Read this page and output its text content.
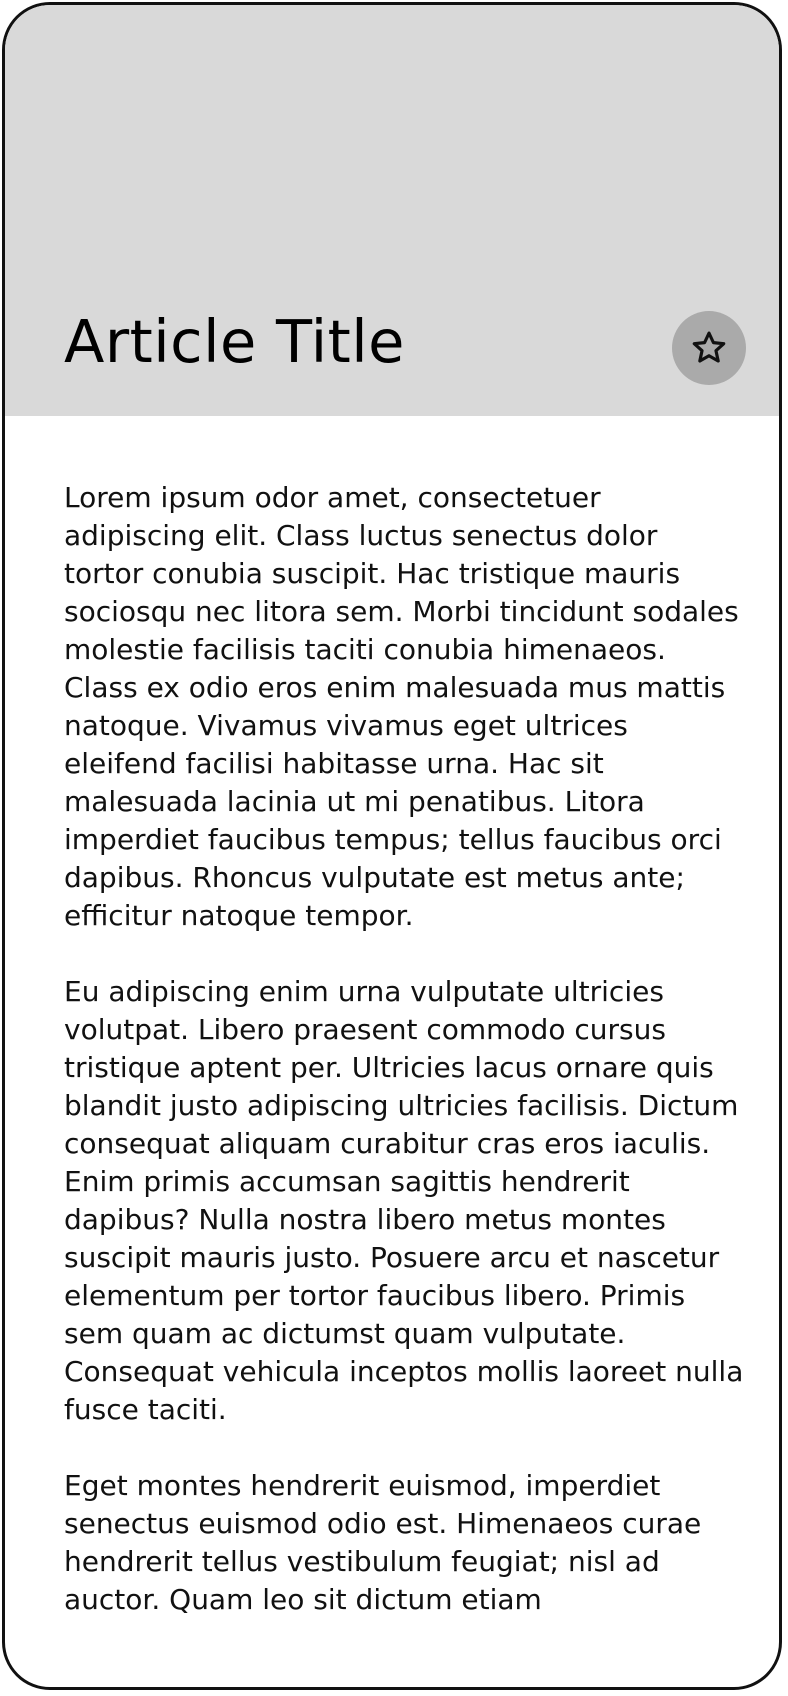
Article Title

Lorem ipsum odor amet, consectetuer adipiscing elit. Class luctus senectus dolor tortor conubia suscipit. Hac tristique mauris sociosqu nec litora sem. Morbi tincidunt sodales molestie facilisis taciti conubia himenaeos. Class ex odio eros enim malesuada mus mattis natoque. Vivamus vivamus eget ultrices eleifend facilisi habitasse urna. Hac sit malesuada lacinia ut mi penatibus. Litora imperdiet faucibus tempus; tellus faucibus orci dapibus. Rhoncus vulputate est metus ante; efficitur natoque tempor.

Eu adipiscing enim urna vulputate ultricies volutpat. Libero praesent commodo cursus tristique aptent per. Ultricies lacus ornare quis blandit justo adipiscing ultricies facilisis. Dictum consequat aliquam curabitur cras eros iaculis. Enim primis accumsan sagittis hendrerit dapibus? Nulla nostra libero metus montes suscipit mauris justo. Posuere arcu et nascetur elementum per tortor faucibus libero. Primis sem quam ac dictumst quam vulputate. Consequat vehicula inceptos mollis laoreet nulla fusce taciti.

Eget montes hendrerit euismod, imperdiet senectus euismod odio est. Himenaeos curae hendrerit tellus vestibulum feugiat; nisl ad auctor. Quam leo sit dictum etiam
